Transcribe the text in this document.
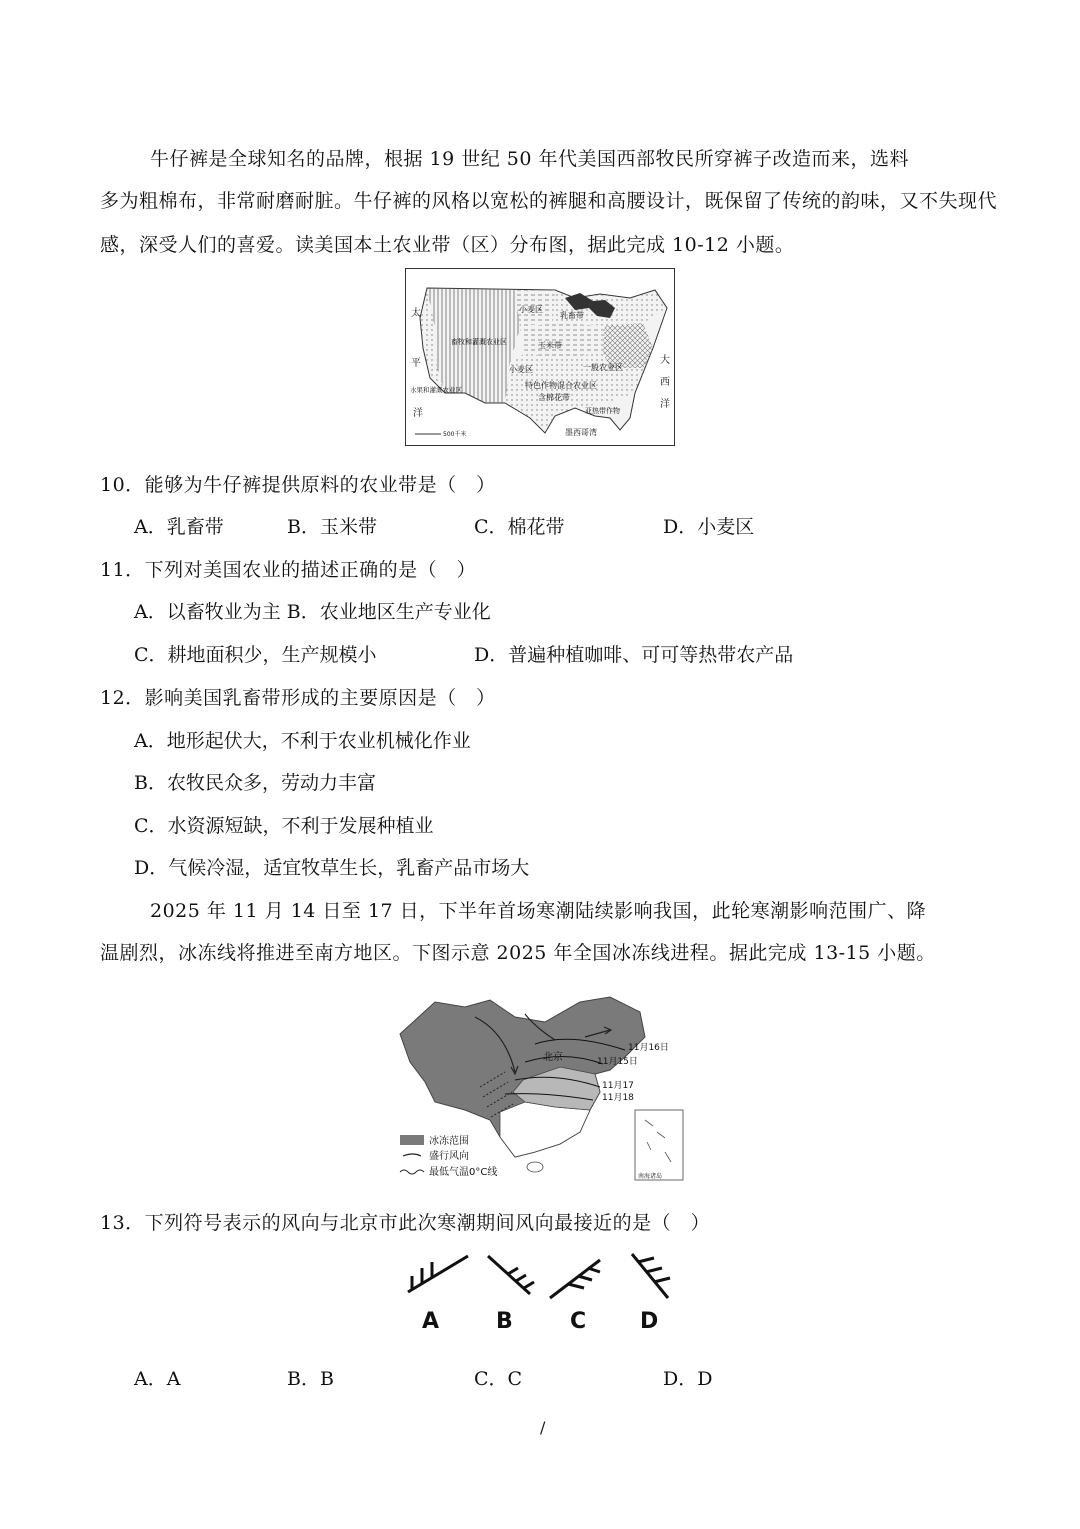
牛仔裤是全球知名的品牌，根据 19 世纪 50 年代美国西部牧民所穿裤子改造而来，选料
多为粗棉布，非常耐磨耐脏。牛仔裤的风格以宽松的裤腿和高腰设计，既保留了传统的韵味，又不失现代
感，深受人们的喜爱。读美国本土农业带（区）分布图，据此完成 10-12 小题。
太
平
洋
大
西
洋
畜牧和灌溉农业区
水果和灌溉农业区
小麦区
乳畜带
玉米带
小麦区	一般农业区
特色作物混合农业区
含棉花带
亚热带作物
墨西哥湾
500千米
10．能够为牛仔裤提供原料的农业带是（　）
A．乳畜带	B．玉米带	C．棉花带	D．小麦区
11．下列对美国农业的描述正确的是（　）
A．以畜牧业为主 B．农业地区生产专业化
C．耕地面积少，生产规模小	D．普遍种植咖啡、可可等热带农产品
12．影响美国乳畜带形成的主要原因是（　）
A．地形起伏大，不利于农业机械化作业
B．农牧民众多，劳动力丰富
C．水资源短缺，不利于发展种植业
D．气候冷湿，适宜牧草生长，乳畜产品市场大
2025 年 11 月 14 日至 17 日，下半年首场寒潮陆续影响我国，此轮寒潮影响范围广、降
温剧烈，冰冻线将推进至南方地区。下图示意 2025 年全国冰冻线进程。据此完成 13-15 小题。
北京
11月16日
11月15日
11月17
11月18
冰冻范围
盛行风向
最低气温0°C线	南海诸岛
13．下列符号表示的风向与北京市此次寒潮期间风向最接近的是（　）
A	B	C D
A．A	B．B	C．C	D．D
/
